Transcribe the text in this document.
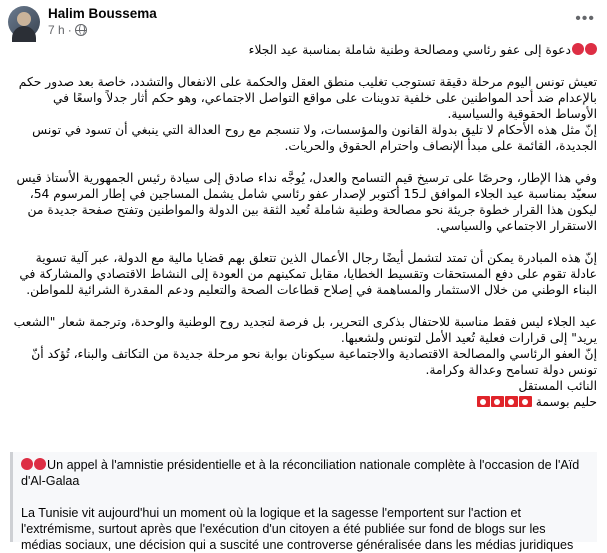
Halim Boussema
7 h ·
•••

دعوة إلى عفو رئاسي ومصالحة وطنية شاملة بمناسبة عيد الجلاء

تعيش تونس اليوم مرحلة دقيقة تستوجب تغليب منطق العقل والحكمة على الانفعال والتشدد، خاصة بعد صدور حكم بالإعدام ضد أحد المواطنين على خلفية تدوينات على مواقع التواصل الاجتماعي، وهو حكم أثار جدلاً واسعًا في الأوساط الحقوقية والسياسية.

إنّ مثل هذه الأحكام لا تليق بدولة القانون والمؤسسات، ولا تنسجم مع روح العدالة التي ينبغي أن تسود في تونس الجديدة، القائمة على مبدأ الإنصاف واحترام الحقوق والحريات.

وفي هذا الإطار، وحرصًا على ترسيخ قيم التسامح والعدل، يُوجَّه نداء صادق إلى سيادة رئيس الجمهورية الأستاذ قيس سعيّد بمناسبة عيد الجلاء الموافق لـ15 أكتوبر لإصدار عفو رئاسي شامل يشمل المساجين في إطار المرسوم 54، ليكون هذا القرار خطوة جريئة نحو مصالحة وطنية شاملة تُعيد الثقة بين الدولة والمواطنين وتفتح صفحة جديدة من الاستقرار الاجتماعي والسياسي.

إنّ هذه المبادرة يمكن أن تمتد لتشمل أيضًا رجال الأعمال الذين تتعلق بهم قضايا مالية مع الدولة، عبر آلية تسوية عادلة تقوم على دفع المستحقات وتقسيط الخطايا، مقابل تمكينهم من العودة إلى النشاط الاقتصادي والمشاركة في البناء الوطني من خلال الاستثمار والمساهمة في إصلاح قطاعات الصحة والتعليم ودعم المقدرة الشرائية للمواطن.

عيد الجلاء ليس فقط مناسبة للاحتفال بذكرى التحرير، بل فرصة لتجديد روح الوطنية والوحدة، وترجمة شعار "الشعب يريد" إلى قرارات فعلية تُعيد الأمل لتونس ولشعبها.

إنّ العفو الرئاسي والمصالحة الاقتصادية والاجتماعية سيكونان بوابة نحو مرحلة جديدة من التكاتف والبناء، تُؤكد أنّ تونس دولة تسامح وعدالة وكرامة.

النائب المستقل

حليم بوسمة

Un appel à l'amnistie présidentielle et à la réconciliation nationale complète à l'occasion de l'Aïd d'Al-Galaa

La Tunisie vit aujourd'hui un moment où la logique et la sagesse l'emportent sur l'action et l'extrémisme, surtout après que l'exécution d'un citoyen a été publiée sur fond de blogs sur les médias sociaux, une décision qui a suscité une controverse généralisée dans les médias juridiques
